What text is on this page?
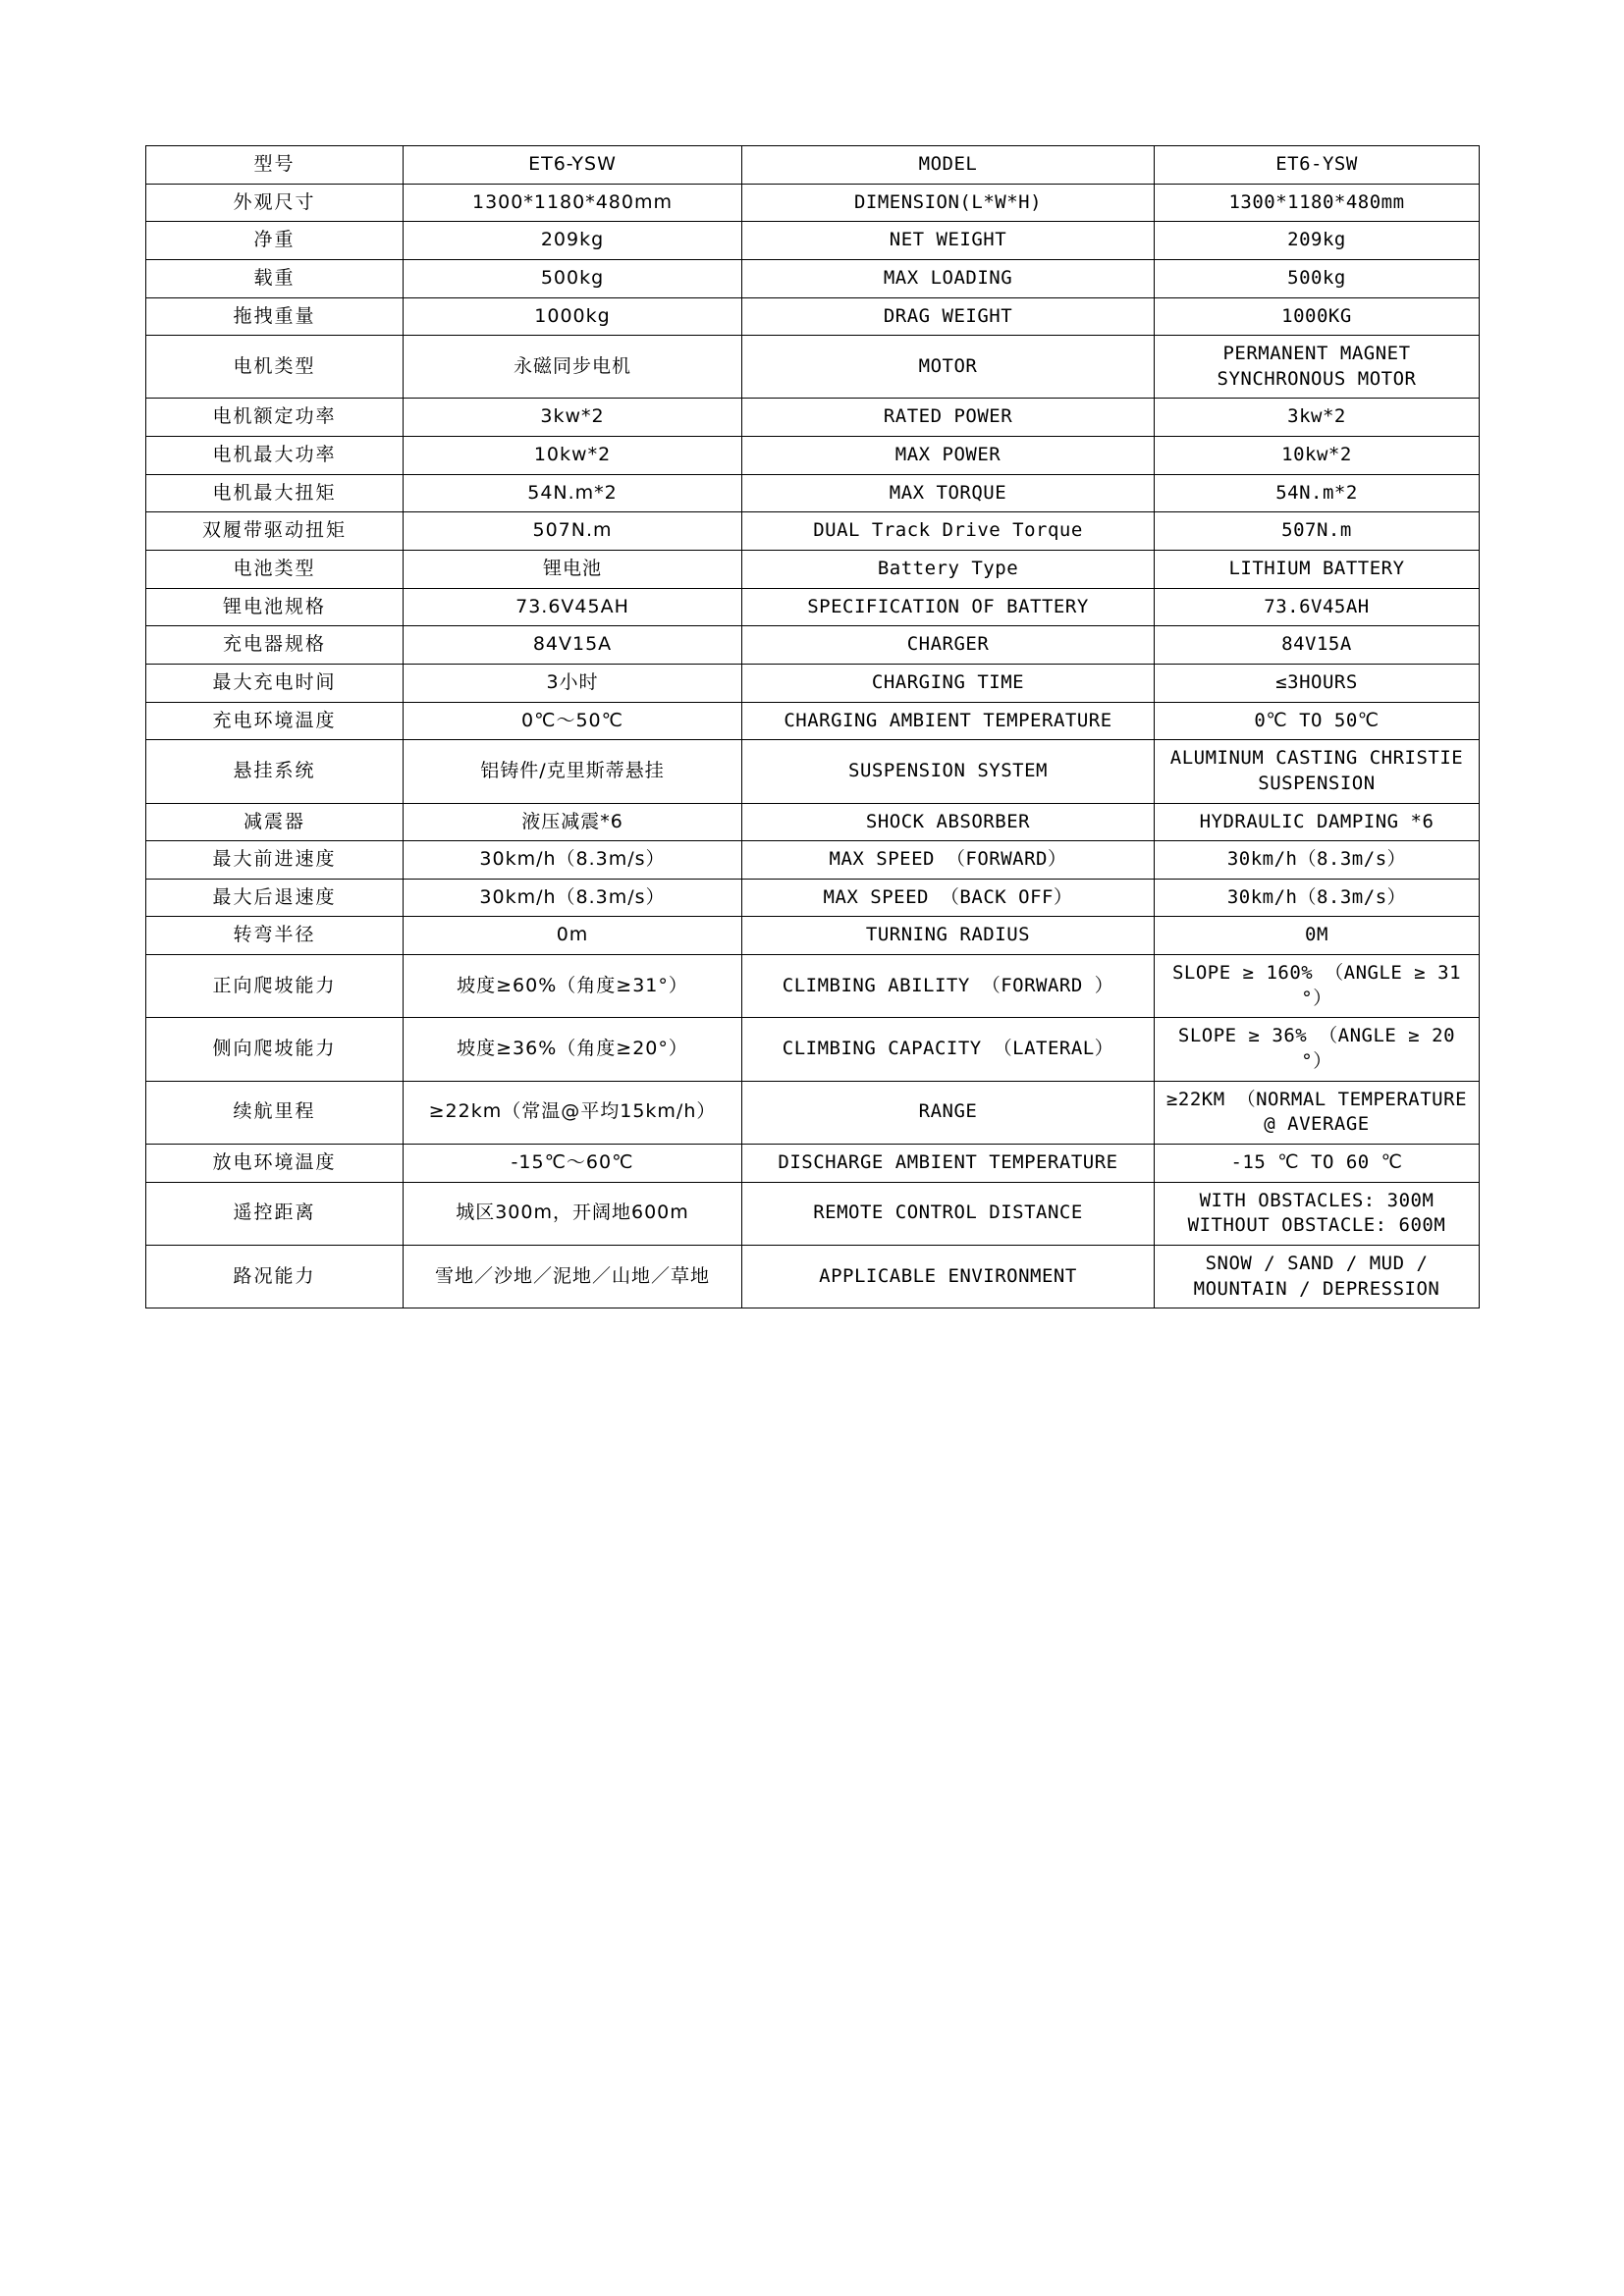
型号	ET6-YSW	MODEL	ET6-YSW
外观尺寸	1300*1180*480mm	DIMENSION(L*W*H)	1300*1180*480mm
净重	209kg	NET WEIGHT	209kg
载重	500kg	MAX LOADING	500kg
拖拽重量	1000kg	DRAG WEIGHT	1000KG
电机类型	永磁同步电机	MOTOR	PERMANENT MAGNET SYNCHRONOUS MOTOR
电机额定功率	3kw*2	RATED POWER	3kw*2
电机最大功率	10kw*2	MAX POWER	10kw*2
电机最大扭矩	54N.m*2	MAX TORQUE	54N.m*2
双履带驱动扭矩	507N.m	DUAL Track Drive Torque	507N.m
电池类型	锂电池	Battery Type	LITHIUM BATTERY
锂电池规格	73.6V45AH	SPECIFICATION OF BATTERY	73.6V45AH
充电器规格	84V15A	CHARGER	84V15A
最大充电时间	3小时	CHARGING TIME	≤3HOURS
充电环境温度	0℃～50℃	CHARGING AMBIENT TEMPERATURE	0℃ TO 50℃
悬挂系统	铝铸件/克里斯蒂悬挂	SUSPENSION SYSTEM	ALUMINUM CASTING CHRISTIE SUSPENSION
减震器	液压减震*6	SHOCK ABSORBER	HYDRAULIC DAMPING *6
最大前进速度	30km/h（8.3m/s）	MAX SPEED （FORWARD）	30km/h（8.3m/s）
最大后退速度	30km/h（8.3m/s）	MAX SPEED （BACK OFF）	30km/h（8.3m/s）
转弯半径	0m	TURNING RADIUS	0M
正向爬坡能力	坡度≥60%（角度≥31°）	CLIMBING ABILITY （FORWARD ）	SLOPE ≥ 160% （ANGLE ≥ 31 °）
侧向爬坡能力	坡度≥36%（角度≥20°）	CLIMBING CAPACITY （LATERAL）	SLOPE ≥ 36% （ANGLE ≥ 20 °）
续航里程	≥22km（常温@平均15km/h）	RANGE	≥22KM （NORMAL TEMPERATURE @ AVERAGE
放电环境温度	-15℃～60℃	DISCHARGE AMBIENT TEMPERATURE	-15 ℃ TO 60 ℃
遥控距离	城区300m，开阔地600m	REMOTE CONTROL DISTANCE	WITH OBSTACLES: 300M WITHOUT OBSTACLE: 600M
路况能力	雪地／沙地／泥地／山地／草地	APPLICABLE ENVIRONMENT	SNOW / SAND / MUD / MOUNTAIN / DEPRESSION
